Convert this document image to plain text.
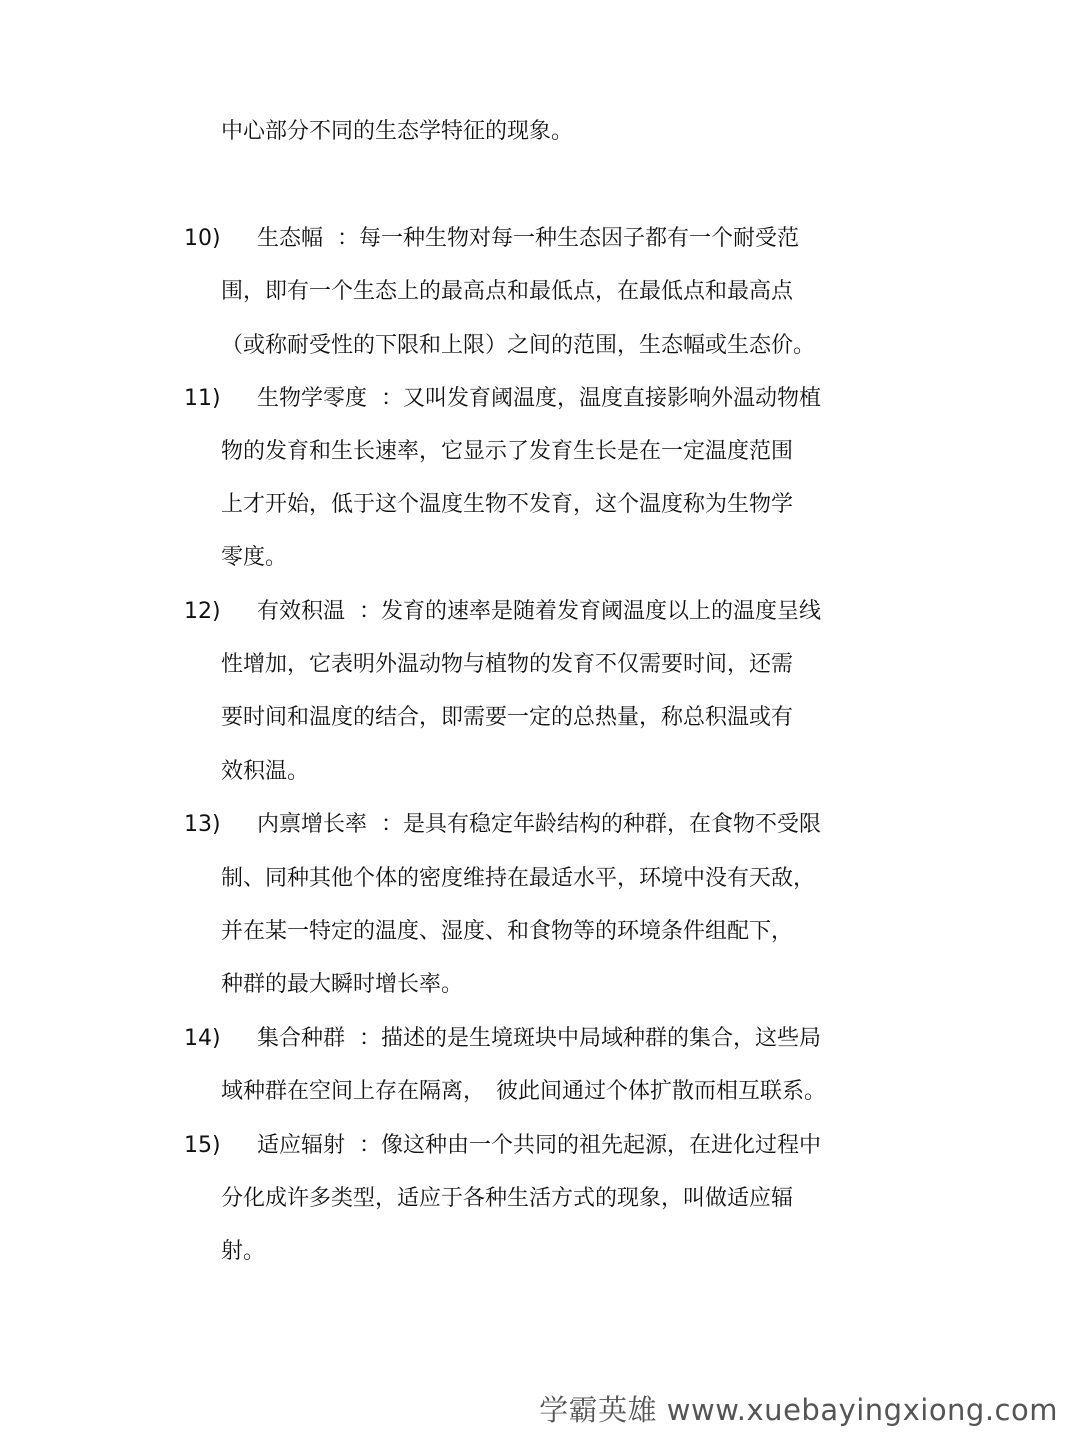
中心部分不同的生态学特征的现象。
10) 生态幅 ：每一种生物对每一种生态因子都有一个耐受范
围，即有一个生态上的最高点和最低点，在最低点和最高点
（或称耐受性的下限和上限）之间的范围，生态幅或生态价。
11) 生物学零度 ：又叫发育阈温度，温度直接影响外温动物植
物的发育和生长速率，它显示了发育生长是在一定温度范围
上才开始，低于这个温度生物不发育，这个温度称为生物学
零度。
12) 有效积温 ：发育的速率是随着发育阈温度以上的温度呈线
性增加，它表明外温动物与植物的发育不仅需要时间，还需
要时间和温度的结合，即需要一定的总热量，称总积温或有
效积温。
13) 内禀增长率 ：是具有稳定年龄结构的种群，在食物不受限
制、同种其他个体的密度维持在最适水平，环境中没有天敌，
并在某一特定的温度、湿度、和食物等的环境条件组配下，
种群的最大瞬时增长率。
14) 集合种群 ：描述的是生境斑块中局域种群的集合，这些局
域种群在空间上存在隔离，　彼此间通过个体扩散而相互联系。
15) 适应辐射 ：像这种由一个共同的祖先起源，在进化过程中
分化成许多类型，适应于各种生活方式的现象，叫做适应辐
射。
学霸英雄 www.xuebayingxiong.com
